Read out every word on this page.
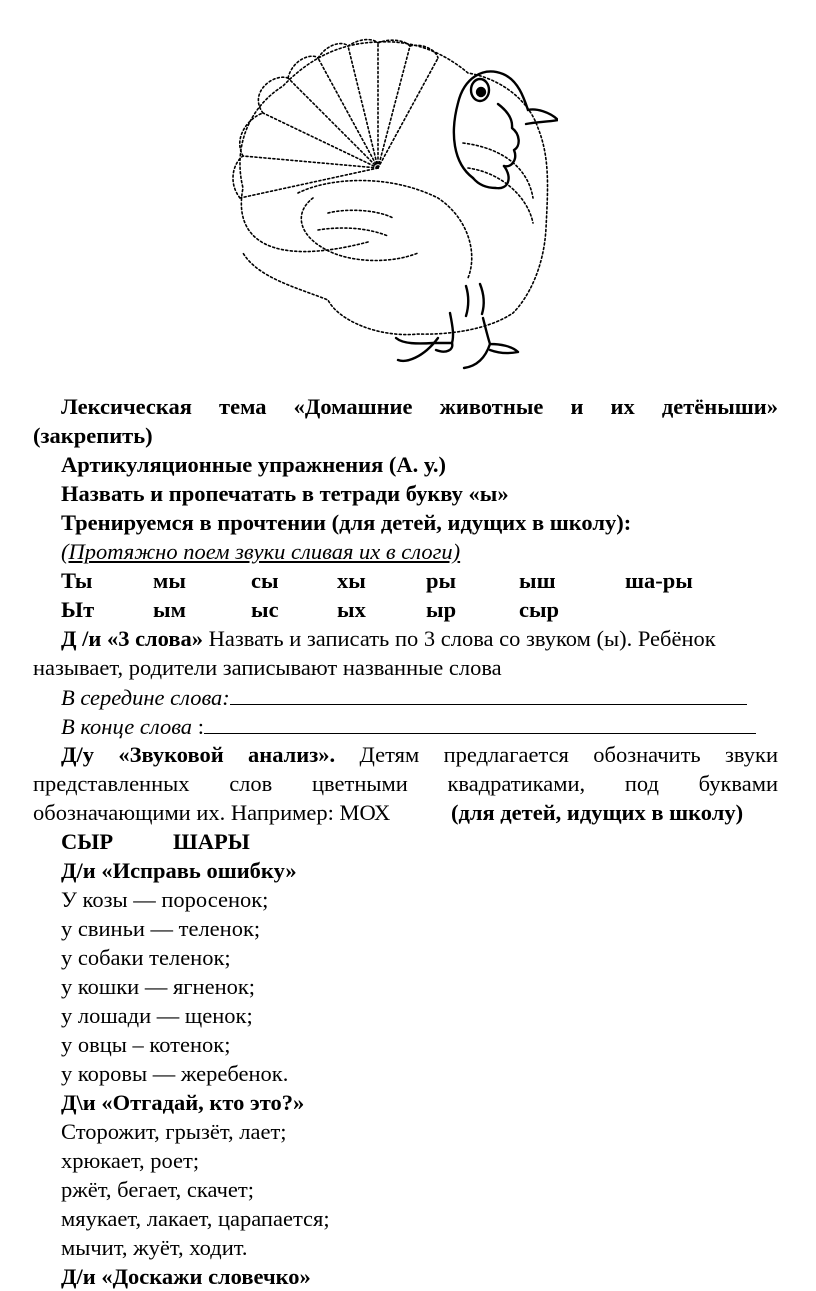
Лексическая тема «Домашние животные и их детёныши»
(закрепить)
Артикуляционные упражнения (А. у.)
Назвать и пропечатать в тетради букву «ы»
Тренируемся в прочтении (для детей, идущих в школу):
(Протяжно поем звуки сливая их в слоги)
Ты	мы	сы	хы	ры	ыш	ша-ры
Ыт	ым	ыс	ых	ыр	сыр
Д /и «3 слова» Назвать и записать по 3 слова со звуком (ы). Ребёнок
называет, родители записывают названные слова
В середине слова:
В конце слова :
Д/у «Звуковой анализ». Детям предлагается обозначить звуки
представленных слов цветными квадратиками, под буквами
обозначающими их. Например: МОХ	(для детей, идущих в школу)
СЫР	ШАРЫ
Д/и «Исправь ошибку»
У козы — поросенок;
у свиньи — теленок;
у собаки теленок;
у кошки — ягненок;
у лошади — щенок;
у овцы – котенок;
у коровы — жеребенок.
Д\и «Отгадай, кто это?»
Сторожит, грызёт, лает;
хрюкает, роет;
ржёт, бегает, скачет;
мяукает, лакает, царапается;
мычит, жуёт, ходит.
Д/и «Доскажи словечко»
